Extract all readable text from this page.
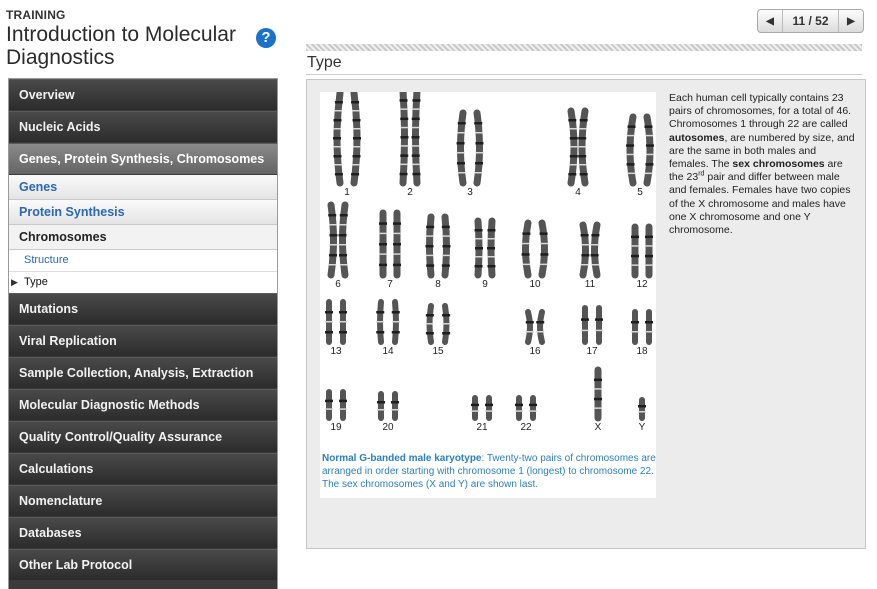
TRAINING
Introduction to Molecular Diagnostics
?
◀	11 / 52	▶
Type
Overview
Nucleic Acids
Genes, Protein Synthesis, Chromosomes
Genes
Protein Synthesis
Chromosomes
Structure
▶ Type
Mutations
Viral Replication
Sample Collection, Analysis, Extraction
Molecular Diagnostic Methods
Quality Control/Quality Assurance
Calculations
Nomenclature
Databases
Other Lab Protocol
1	2	3	4	5
6	7	8	9	10	11	12
13	14	15	16	17	18
19	20	21	22	X	Y
Normal G-banded male karyotype: Twenty-two pairs of chromosomes are arranged in order starting with chromosome 1 (longest) to chromosome 22. The sex chromosomes (X and Y) are shown last.
Each human cell typically contains 23 pairs of chromosomes, for a total of 46. Chromosomes 1 through 22 are called autosomes, are numbered by size, and are the same in both males and females. The sex chromosomes are the 23rd pair and differ between male and females. Females have two copies of the X chromosome and males have one X chromosome and one Y chromosome.
